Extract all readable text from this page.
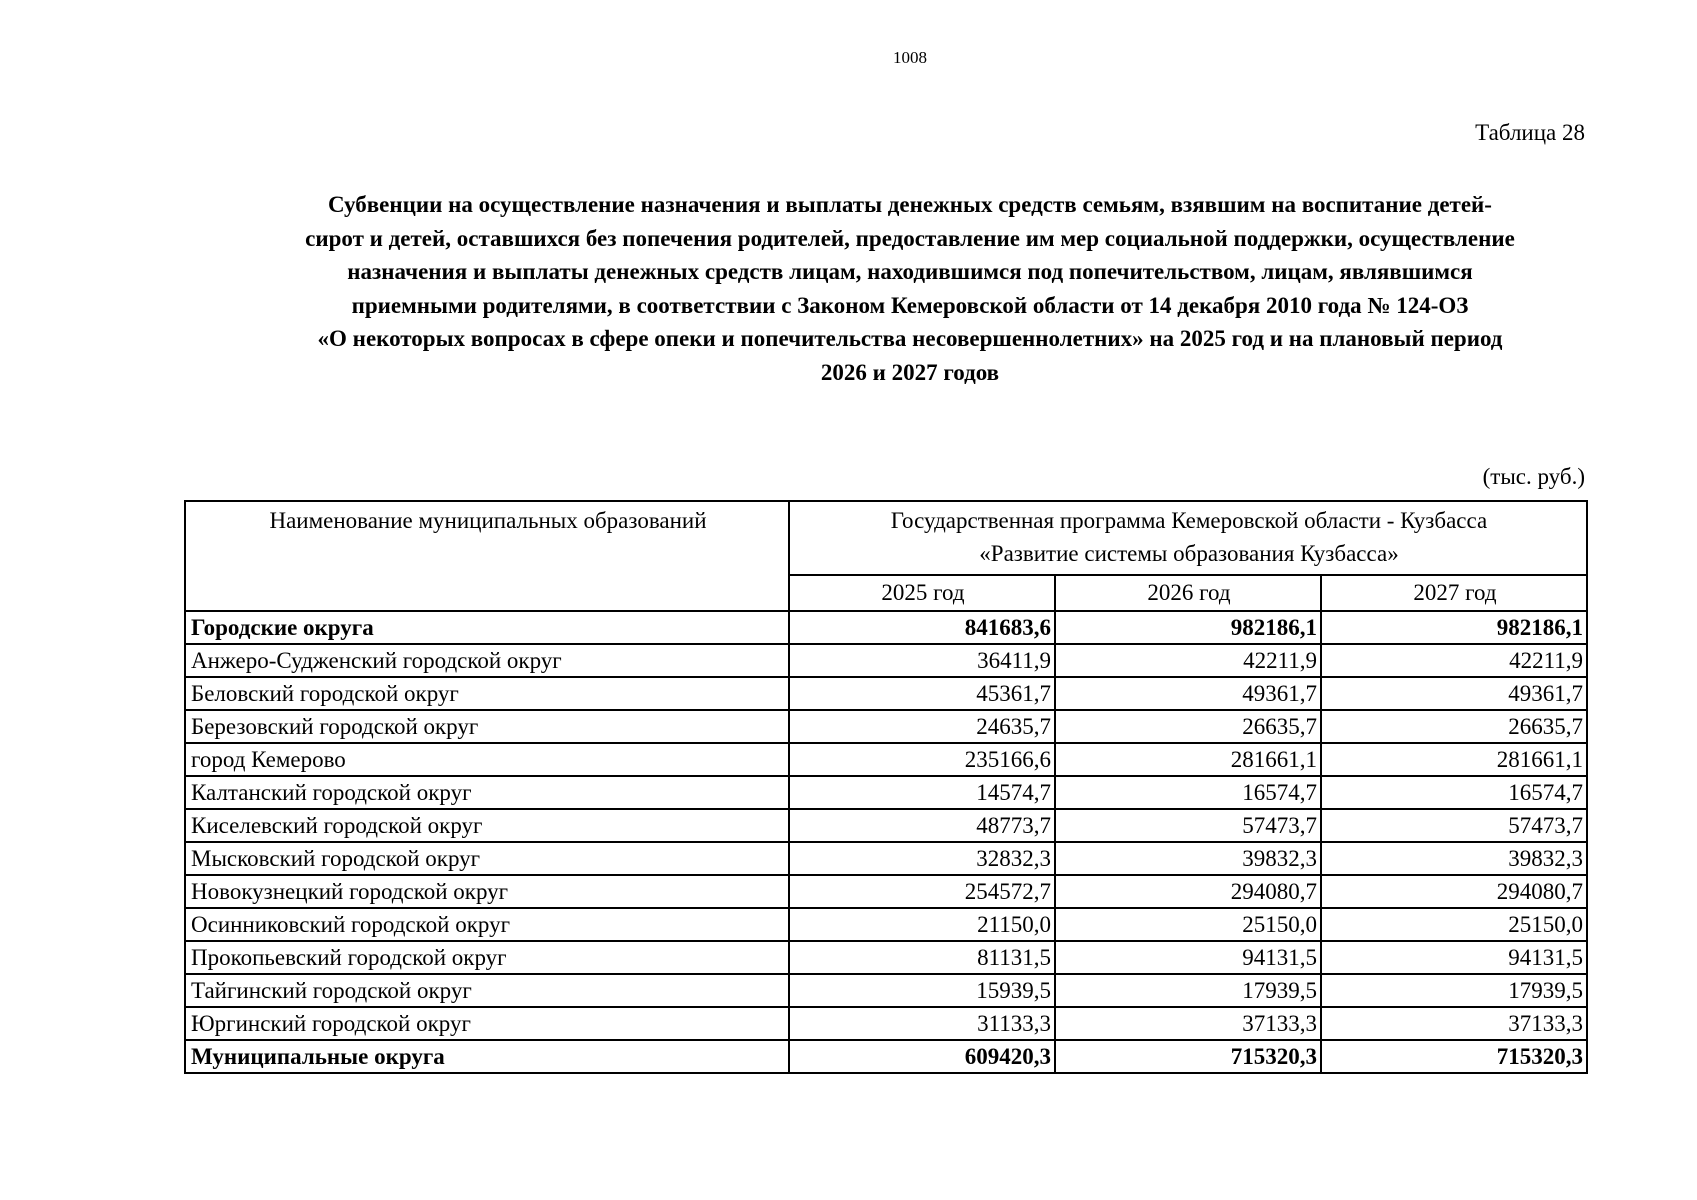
1008
Таблица 28
Субвенции на осуществление назначения и выплаты денежных средств семьям, взявшим на воспитание детей-
сирот и детей, оставшихся без попечения родителей, предоставление им мер социальной поддержки, осуществление
назначения и выплаты денежных средств лицам, находившимся под попечительством, лицам, являвшимся
приемными родителями, в соответствии с Законом Кемеровской области от 14 декабря 2010 года № 124-ОЗ
«О некоторых вопросах в сфере опеки и попечительства несовершеннолетних» на 2025 год и на плановый период
2026 и 2027 годов
(тыс. руб.)
Наименование муниципальных образований	Государственная программа Кемеровской области - Кузбасса
«Развитие системы образования Кузбасса»		
	2025 год	2026 год	2027 год
Городские округа	841683,6	982186,1	982186,1
Анжеро-Судженский городской округ	36411,9	42211,9	42211,9
Беловский городской округ	45361,7	49361,7	49361,7
Березовский городской округ	24635,7	26635,7	26635,7
город Кемерово	235166,6	281661,1	281661,1
Калтанский городской округ	14574,7	16574,7	16574,7
Киселевский городской округ	48773,7	57473,7	57473,7
Мысковский городской округ	32832,3	39832,3	39832,3
Новокузнецкий городской округ	254572,7	294080,7	294080,7
Осинниковский городской округ	21150,0	25150,0	25150,0
Прокопьевский городской округ	81131,5	94131,5	94131,5
Тайгинский городской округ	15939,5	17939,5	17939,5
Юргинский городской округ	31133,3	37133,3	37133,3
Муниципальные округа	609420,3	715320,3	715320,3
